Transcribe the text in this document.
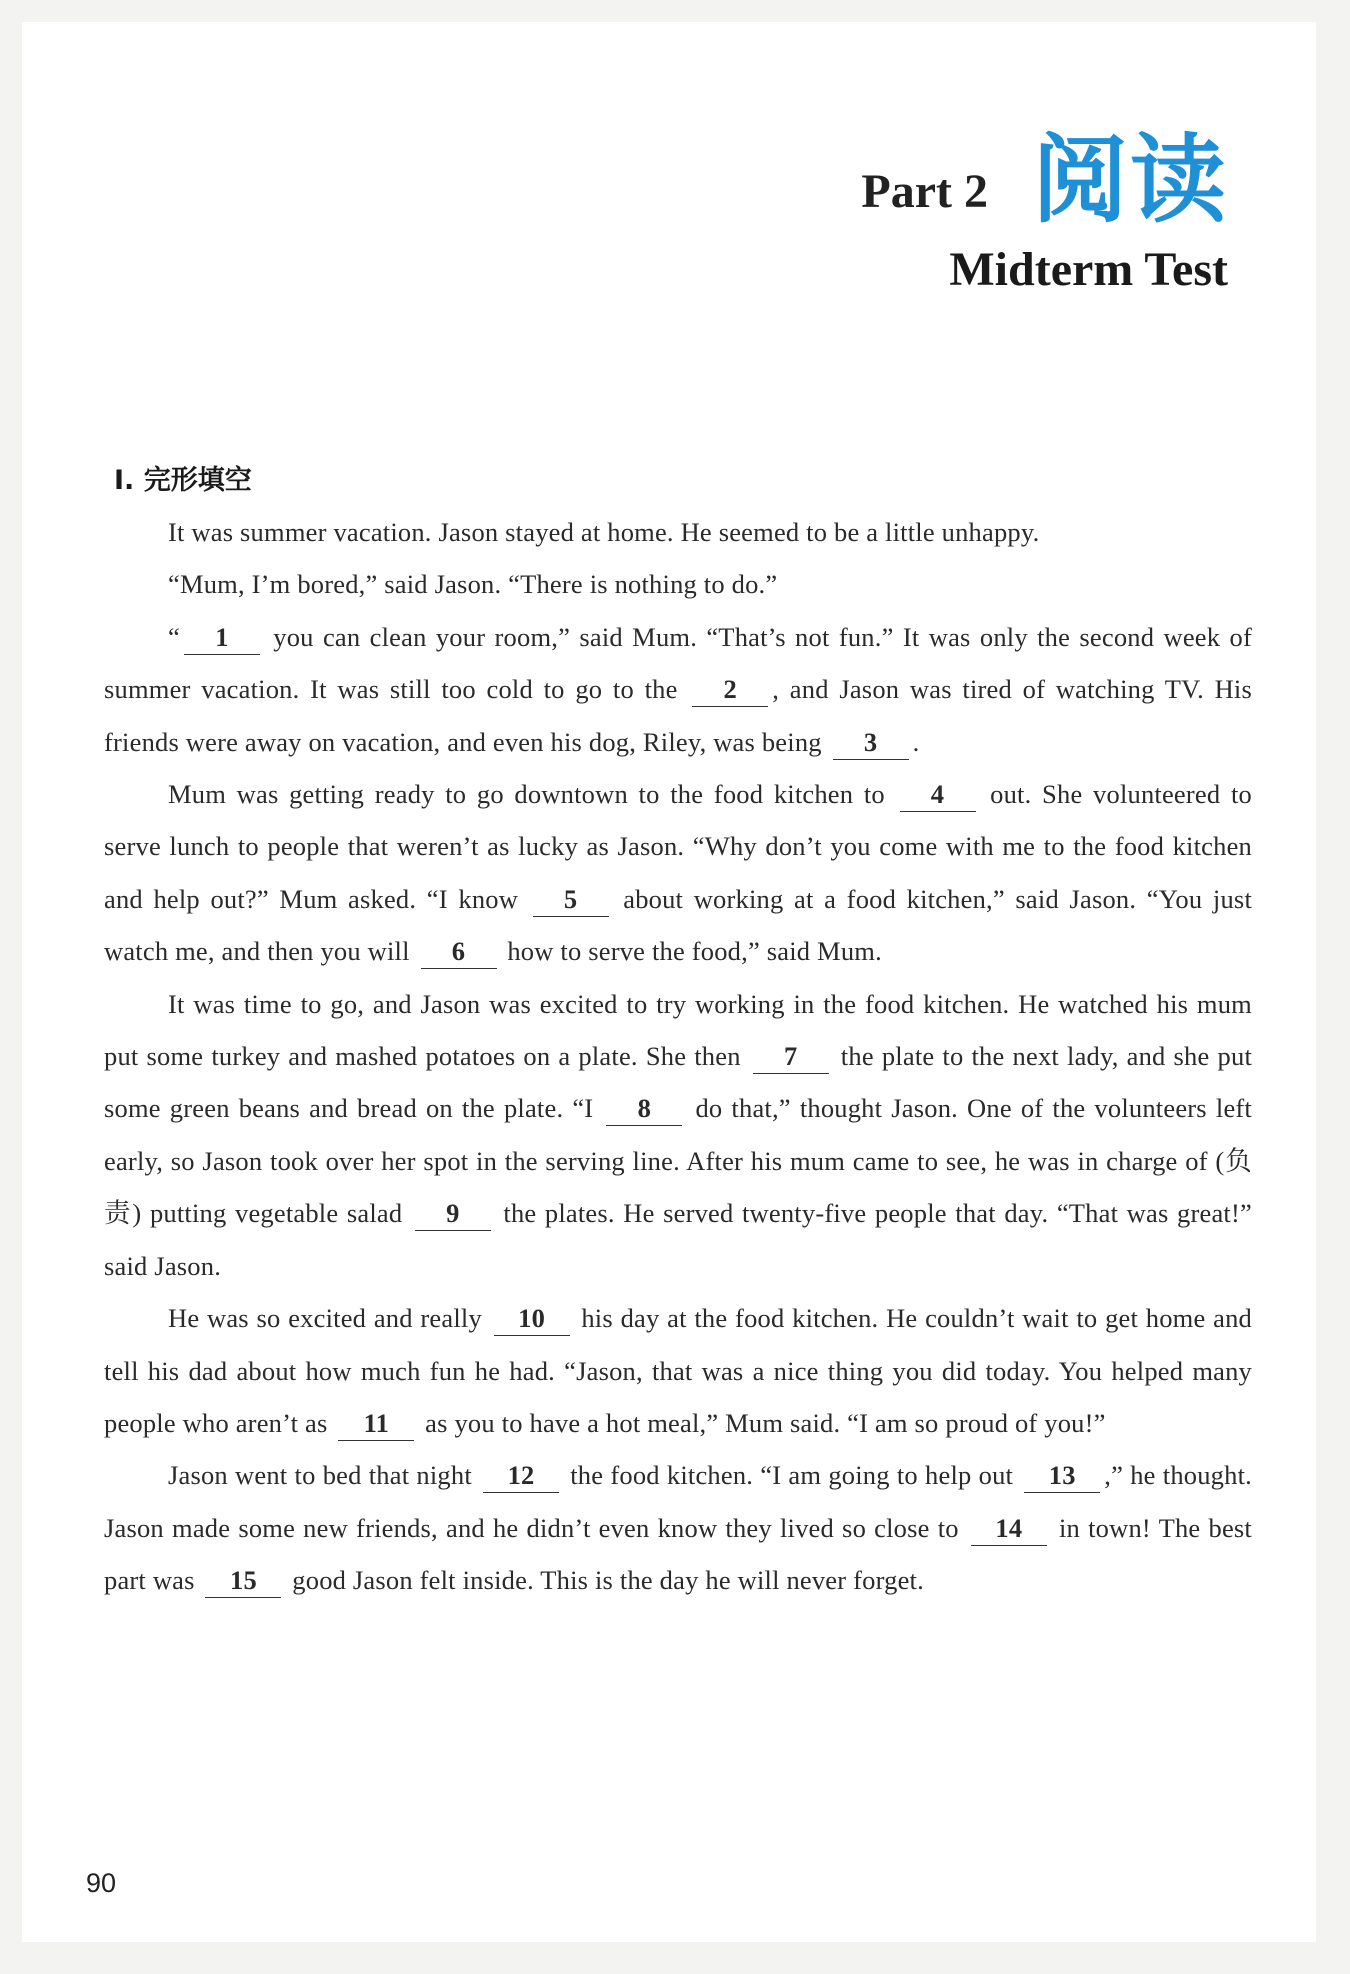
Part 2 阅读
Midterm Test
I. 完形填空

It was summer vacation. Jason stayed at home. He seemed to be a little unhappy.

“Mum, I’m bored,” said Jason. “There is nothing to do.”

“ 1 you can clean your room,” said Mum. “That’s not fun.” It was only the second week of summer vacation. It was still too cold to go to the 2 , and Jason was tired of watching TV. His friends were away on vacation, and even his dog, Riley, was being 3 .

Mum was getting ready to go downtown to the food kitchen to 4 out. She volunteered to serve lunch to people that weren’t as lucky as Jason. “Why don’t you come with me to the food kitchen and help out?” Mum asked. “I know 5 about working at a food kitchen,” said Jason. “You just watch me, and then you will 6 how to serve the food,” said Mum.

It was time to go, and Jason was excited to try working in the food kitchen. He watched his mum put some turkey and mashed potatoes on a plate. She then 7 the plate to the next lady, and she put some green beans and bread on the plate. “I 8 do that,” thought Jason. One of the volunteers left early, so Jason took over her spot in the serving line. After his mum came to see, he was in charge of (负责) putting vegetable salad 9 the plates. He served twenty-five people that day. “That was great!” said Jason.

He was so excited and really 10 his day at the food kitchen. He couldn’t wait to get home and tell his dad about how much fun he had. “Jason, that was a nice thing you did today. You helped many people who aren’t as 11 as you to have a hot meal,” Mum said. “I am so proud of you!”

Jason went to bed that night 12 the food kitchen. “I am going to help out 13 ,” he thought. Jason made some new friends, and he didn’t even know they lived so close to 14 in town! The best part was 15 good Jason felt inside. This is the day he will never forget.

90
